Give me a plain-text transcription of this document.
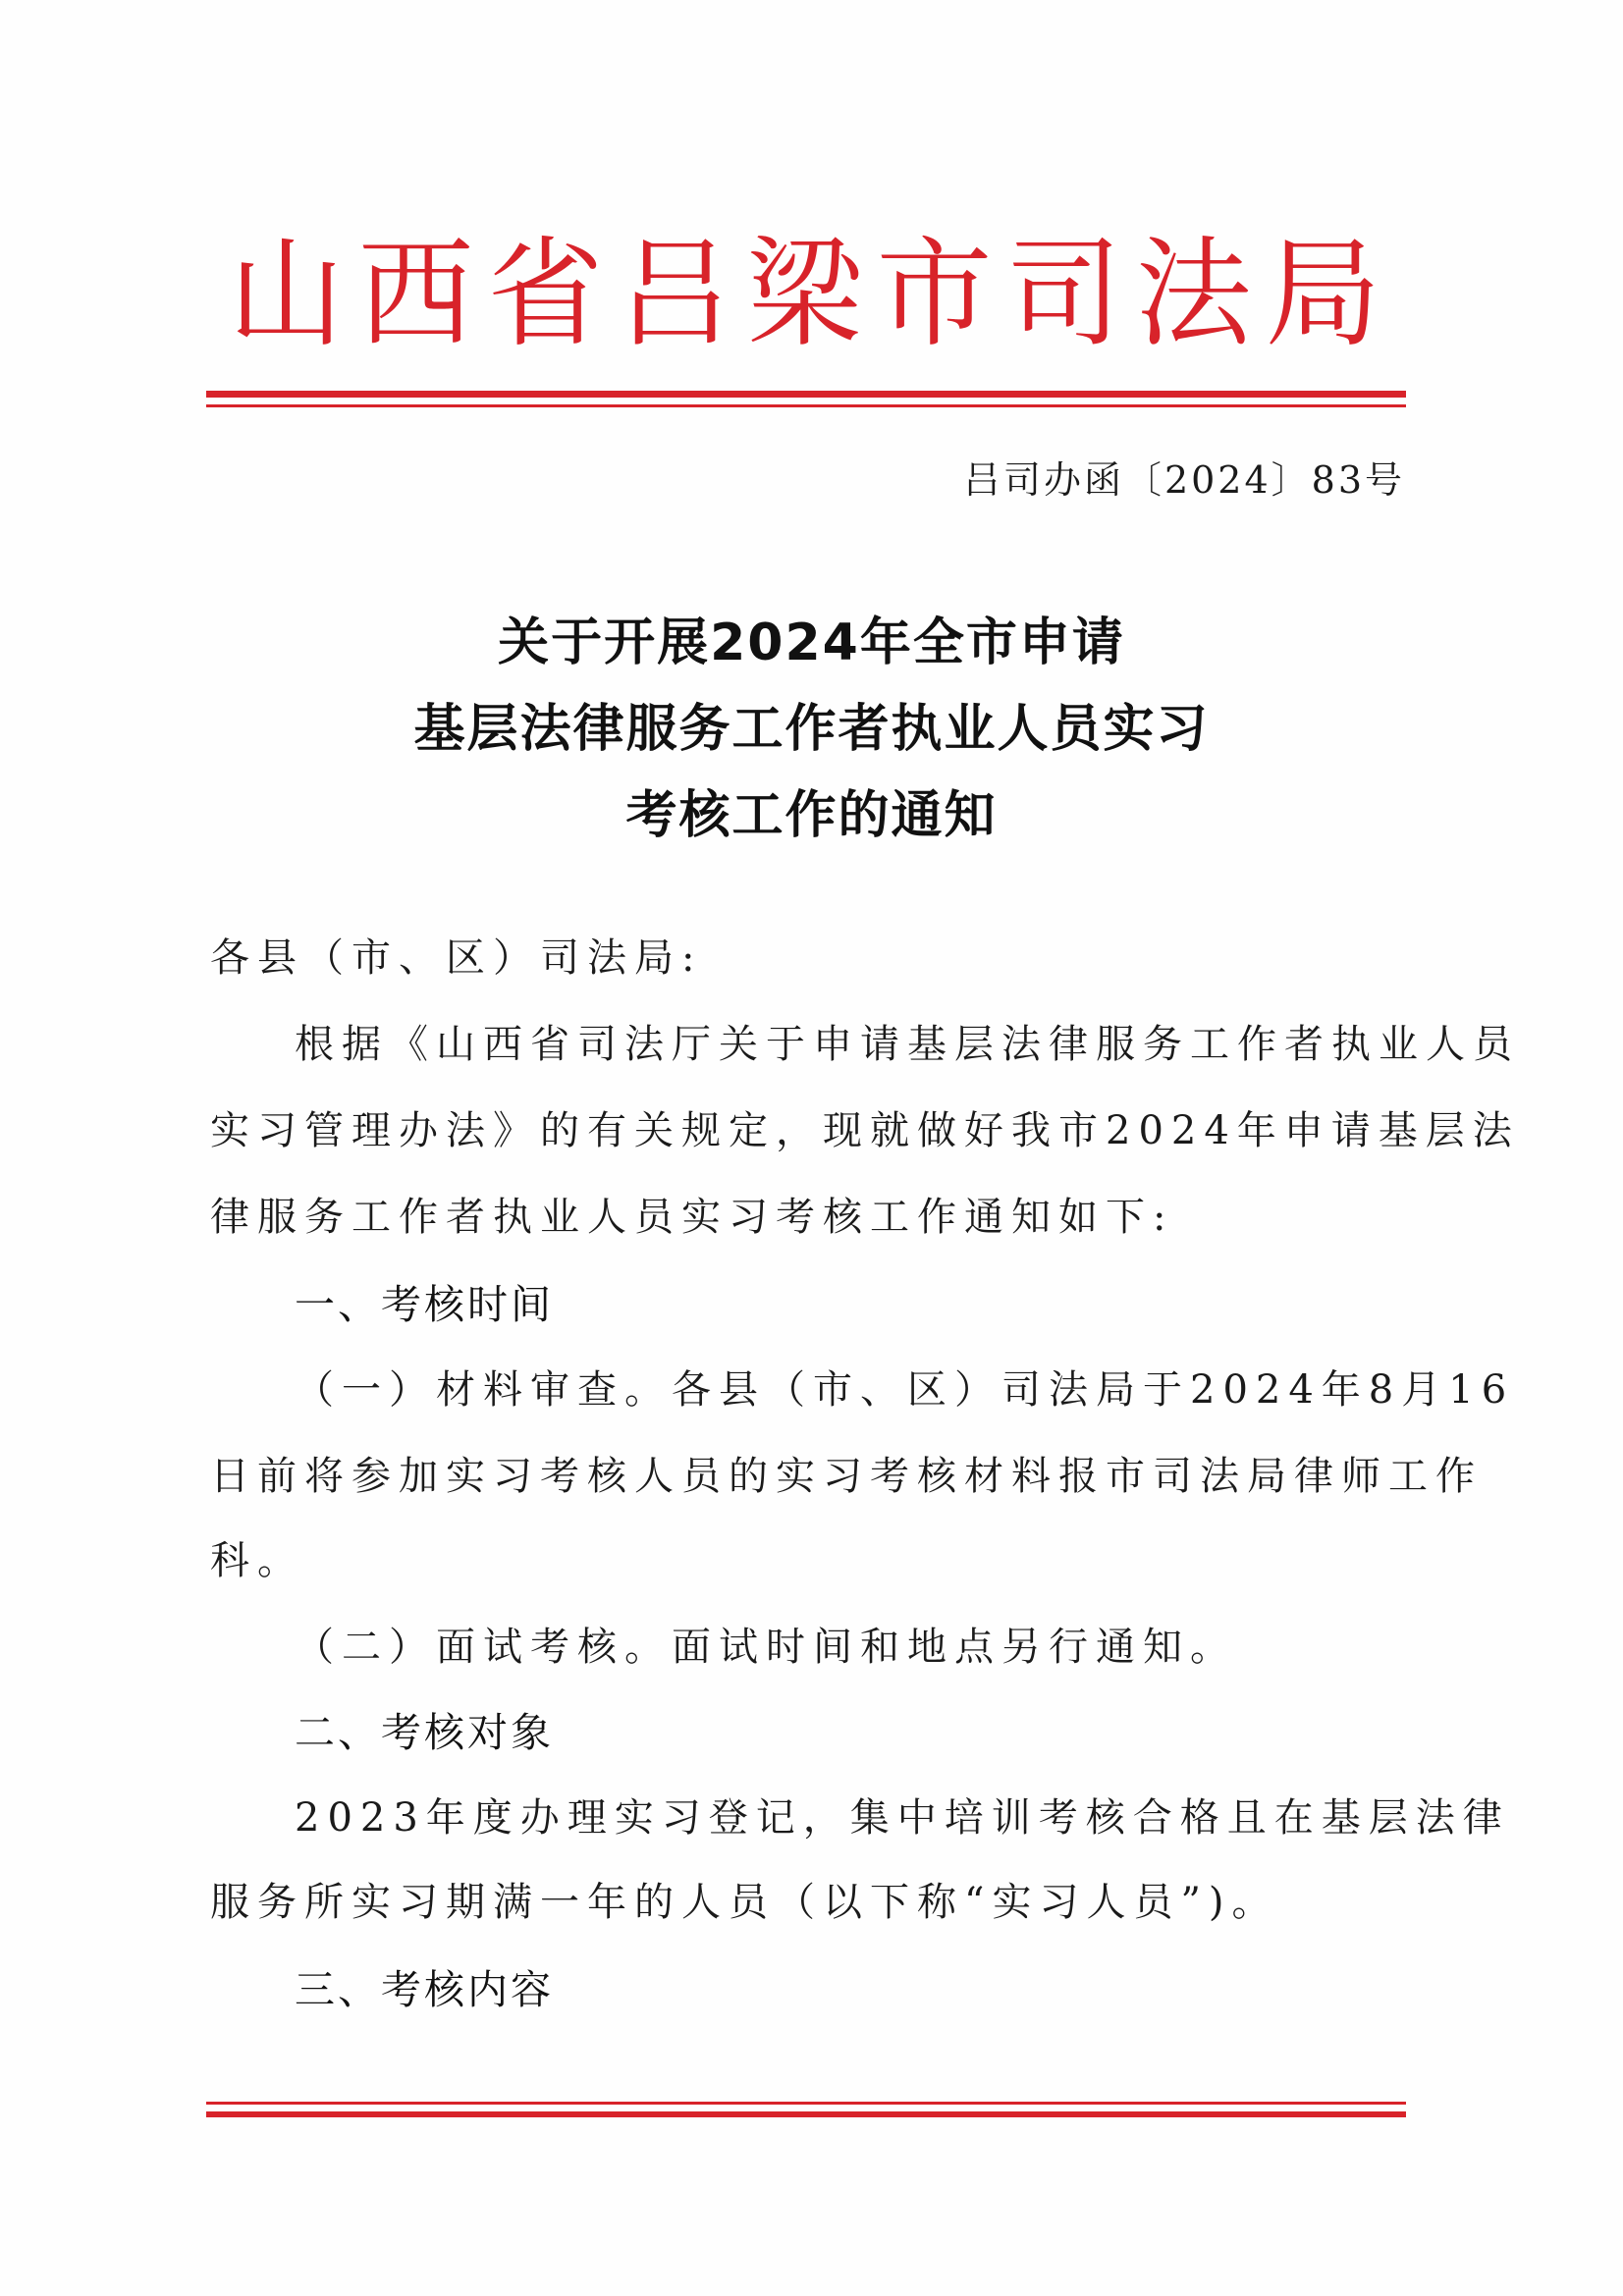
山西省吕梁市司法局
吕司办函〔2024〕83号
关于开展2024年全市申请
基层法律服务工作者执业人员实习
考核工作的通知
各县（市、区）司法局:
根据《山西省司法厅关于申请基层法律服务工作者执业人员
实习管理办法》的有关规定，现就做好我市2024年申请基层法
律服务工作者执业人员实习考核工作通知如下:
一、考核时间
（一）材料审查。各县（市、区）司法局于2024年8月16
日前将参加实习考核人员的实习考核材料报市司法局律师工作
科。
（二）面试考核。面试时间和地点另行通知。
二、考核对象
2023年度办理实习登记，集中培训考核合格且在基层法律
服务所实习期满一年的人员（以下称“实习人员”)。
三、考核内容
